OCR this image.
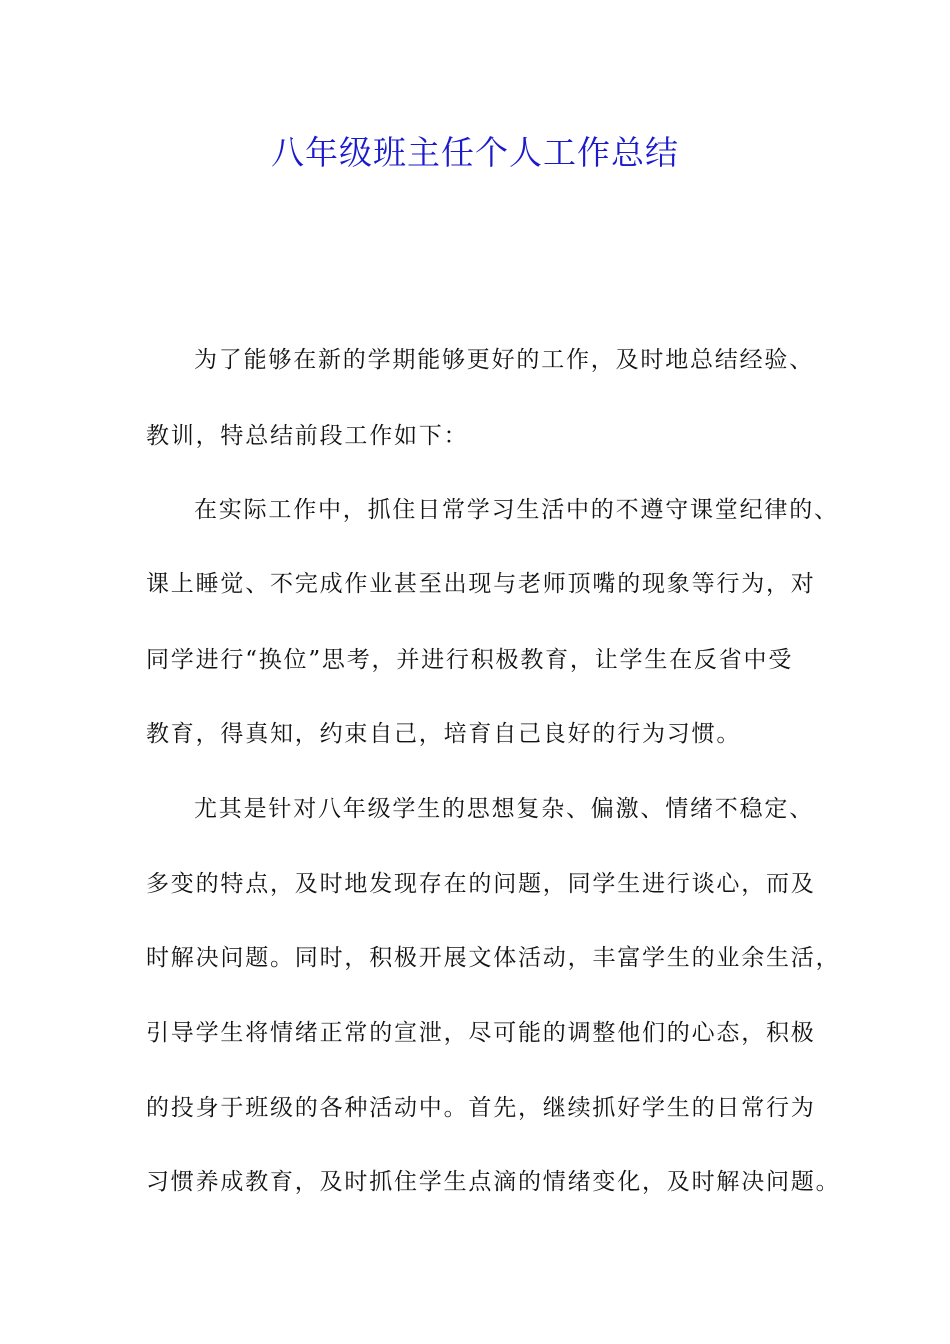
八年级班主任个人工作总结
为了能够在新的学期能够更好的工作，及时地总结经验、
教训，特总结前段工作如下：
在实际工作中，抓住日常学习生活中的不遵守课堂纪律的、
课上睡觉、不完成作业甚至出现与老师顶嘴的现象等行为，对
同学进行“换位”思考，并进行积极教育，让学生在反省中受
教育，得真知，约束自己，培育自己良好的行为习惯。
尤其是针对八年级学生的思想复杂、偏激、情绪不稳定、
多变的特点，及时地发现存在的问题，同学生进行谈心，而及
时解决问题。同时，积极开展文体活动，丰富学生的业余生活，
引导学生将情绪正常的宣泄，尽可能的调整他们的心态，积极
的投身于班级的各种活动中。首先，继续抓好学生的日常行为
习惯养成教育，及时抓住学生点滴的情绪变化，及时解决问题。
